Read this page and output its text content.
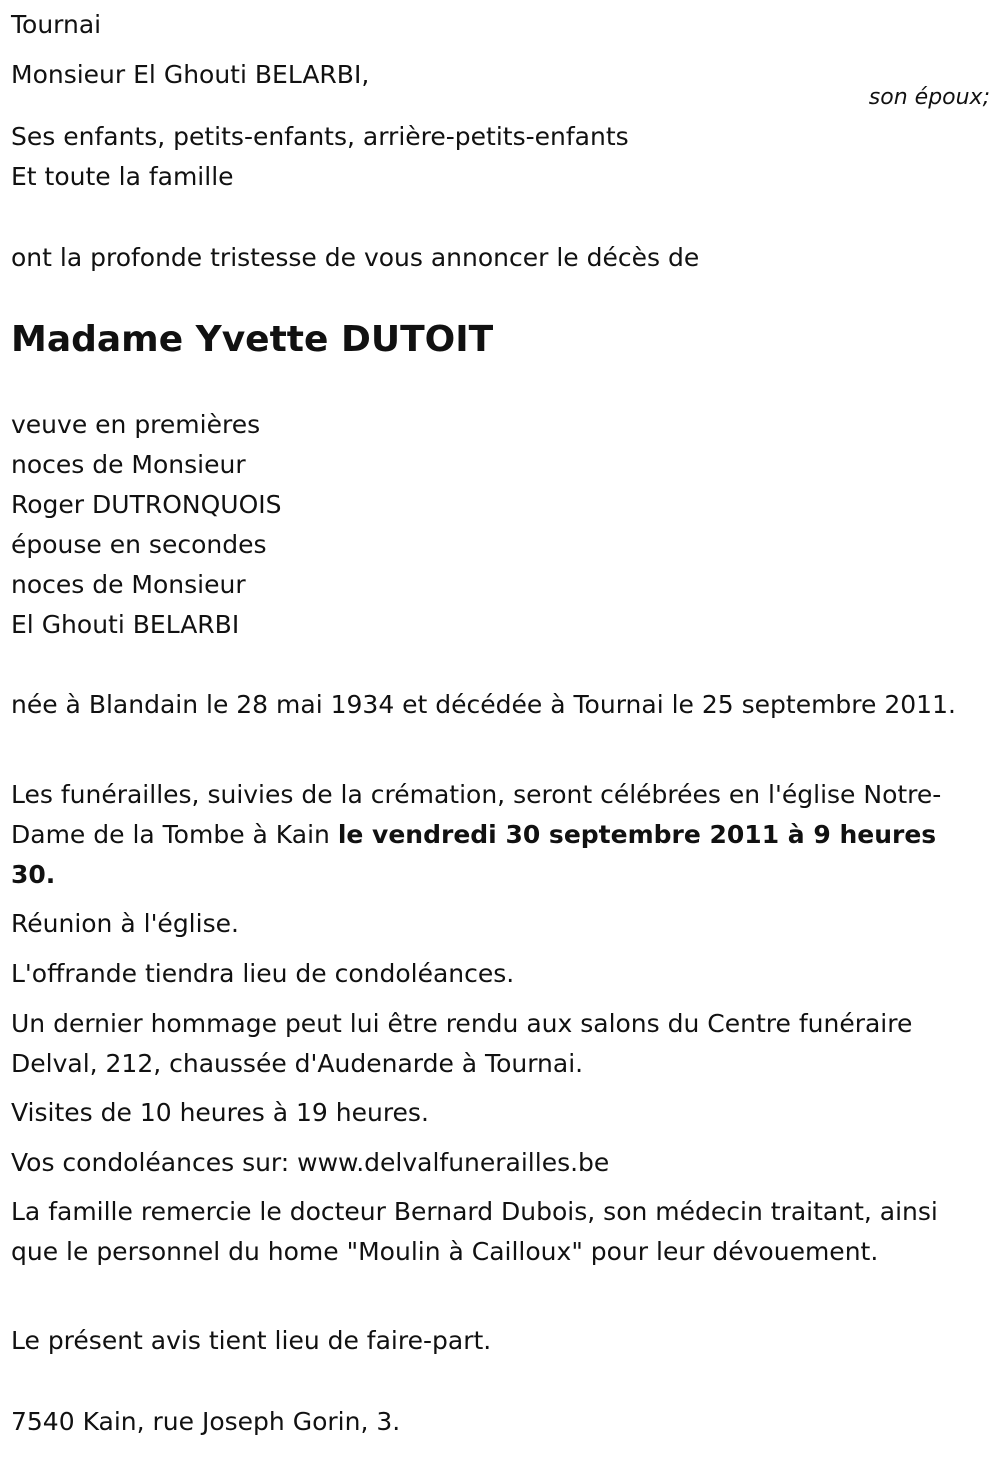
Tournai

Monsieur El Ghouti BELARBI,

son époux;

Ses enfants, petits-enfants, arrière-petits-enfants

Et toute la famille

ont la profonde tristesse de vous annoncer le décès de

Madame Yvette DUTOIT

veuve en premières

noces de Monsieur

Roger DUTRONQUOIS

épouse en secondes

noces de Monsieur

El Ghouti BELARBI

née à Blandain le 28 mai 1934 et décédée à Tournai le 25 septembre 2011.

Les funérailles, suivies de la crémation, seront célébrées en l'église Notre-Dame de la Tombe à Kain le vendredi 30 septembre 2011 à 9 heures 30.

Réunion à l'église.

L'offrande tiendra lieu de condoléances.

Un dernier hommage peut lui être rendu aux salons du Centre funéraire Delval, 212, chaussée d'Audenarde à Tournai.

Visites de 10 heures à 19 heures.

Vos condoléances sur: www.delvalfunerailles.be

La famille remercie le docteur Bernard Dubois, son médecin traitant, ainsi que le personnel du home "Moulin à Cailloux" pour leur dévouement.

Le présent avis tient lieu de faire-part.

7540 Kain, rue Joseph Gorin, 3.
